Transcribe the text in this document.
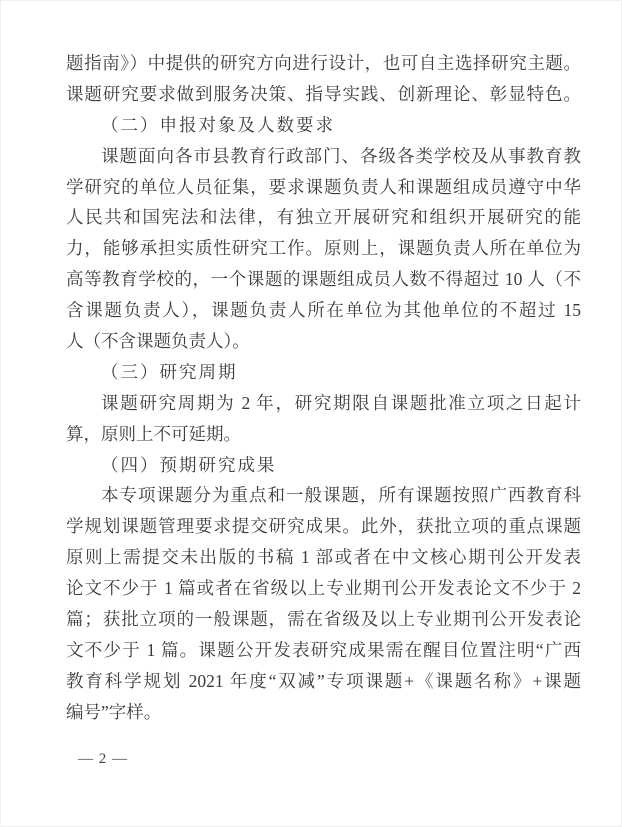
题指南》）中提供的研究方向进行设计，也可自主选择研究主题。
课题研究要求做到服务决策、指导实践、创新理论、彰显特色。
（二）申报对象及人数要求
课题面向各市县教育行政部门、各级各类学校及从事教育教
学研究的单位人员征集，要求课题负责人和课题组成员遵守中华
人民共和国宪法和法律，有独立开展研究和组织开展研究的能
力，能够承担实质性研究工作。原则上，课题负责人所在单位为
高等教育学校的，一个课题的课题组成员人数不得超过 10 人（不
含课题负责人），课题负责人所在单位为其他单位的不超过 15
人（不含课题负责人）。
（三）研究周期
课题研究周期为 2 年，研究期限自课题批准立项之日起计
算，原则上不可延期。
（四）预期研究成果
本专项课题分为重点和一般课题，所有课题按照广西教育科
学规划课题管理要求提交研究成果。此外，获批立项的重点课题
原则上需提交未出版的书稿 1 部或者在中文核心期刊公开发表
论文不少于 1 篇或者在省级以上专业期刊公开发表论文不少于 2
篇；获批立项的一般课题，需在省级及以上专业期刊公开发表论
文不少于 1 篇。课题公开发表研究成果需在醒目位置注明“广西
教育科学规划 2021 年度“双减”专项课题+《课题名称》+课题
编号”字样。
— 2 —
